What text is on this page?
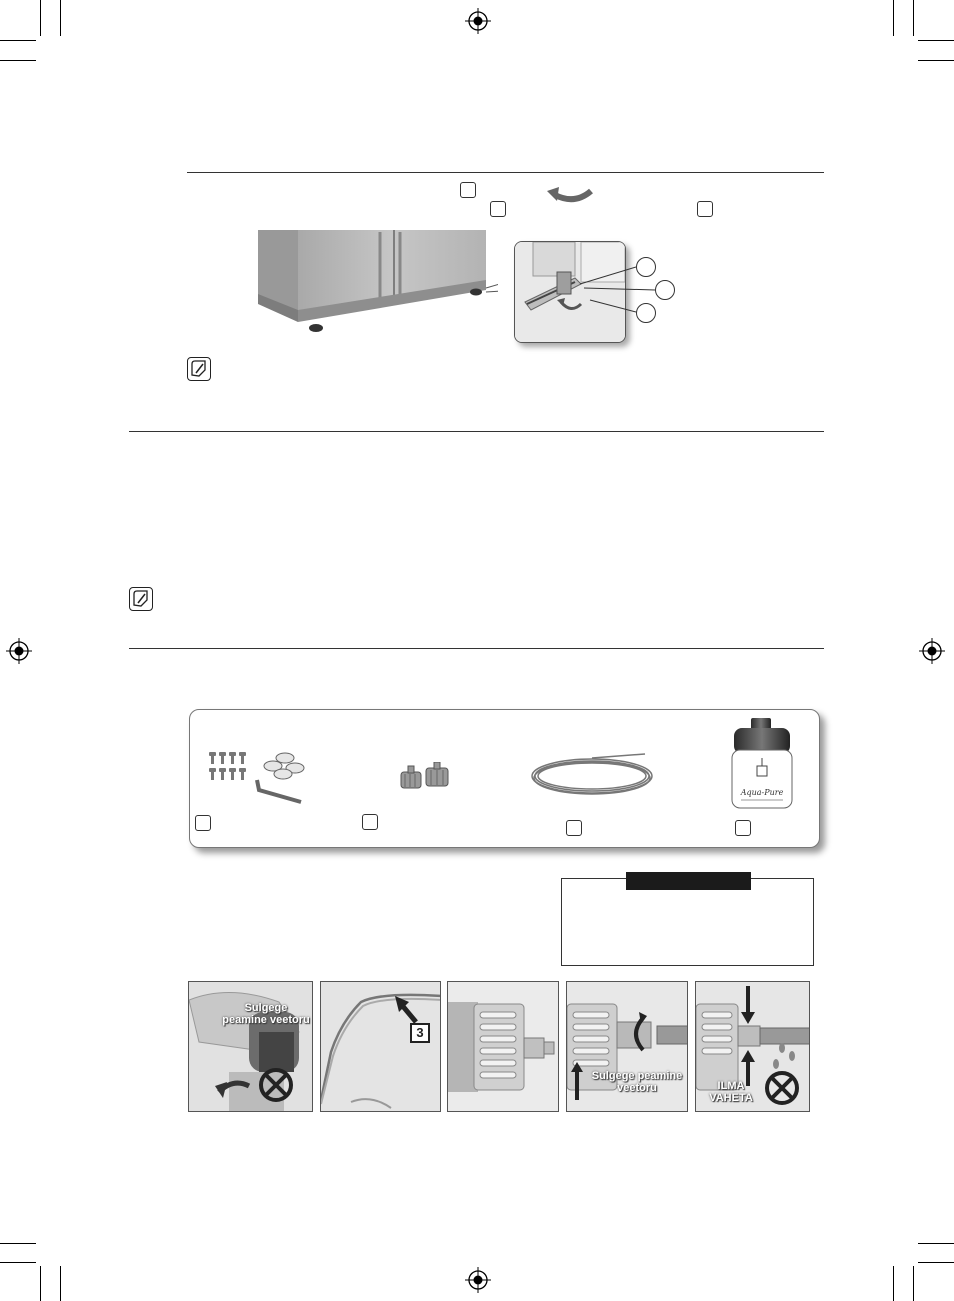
Aqua-Pure
Sulgege peamine veetoru
3
Sulgege peamine veetoru	ILMA VAHETA
